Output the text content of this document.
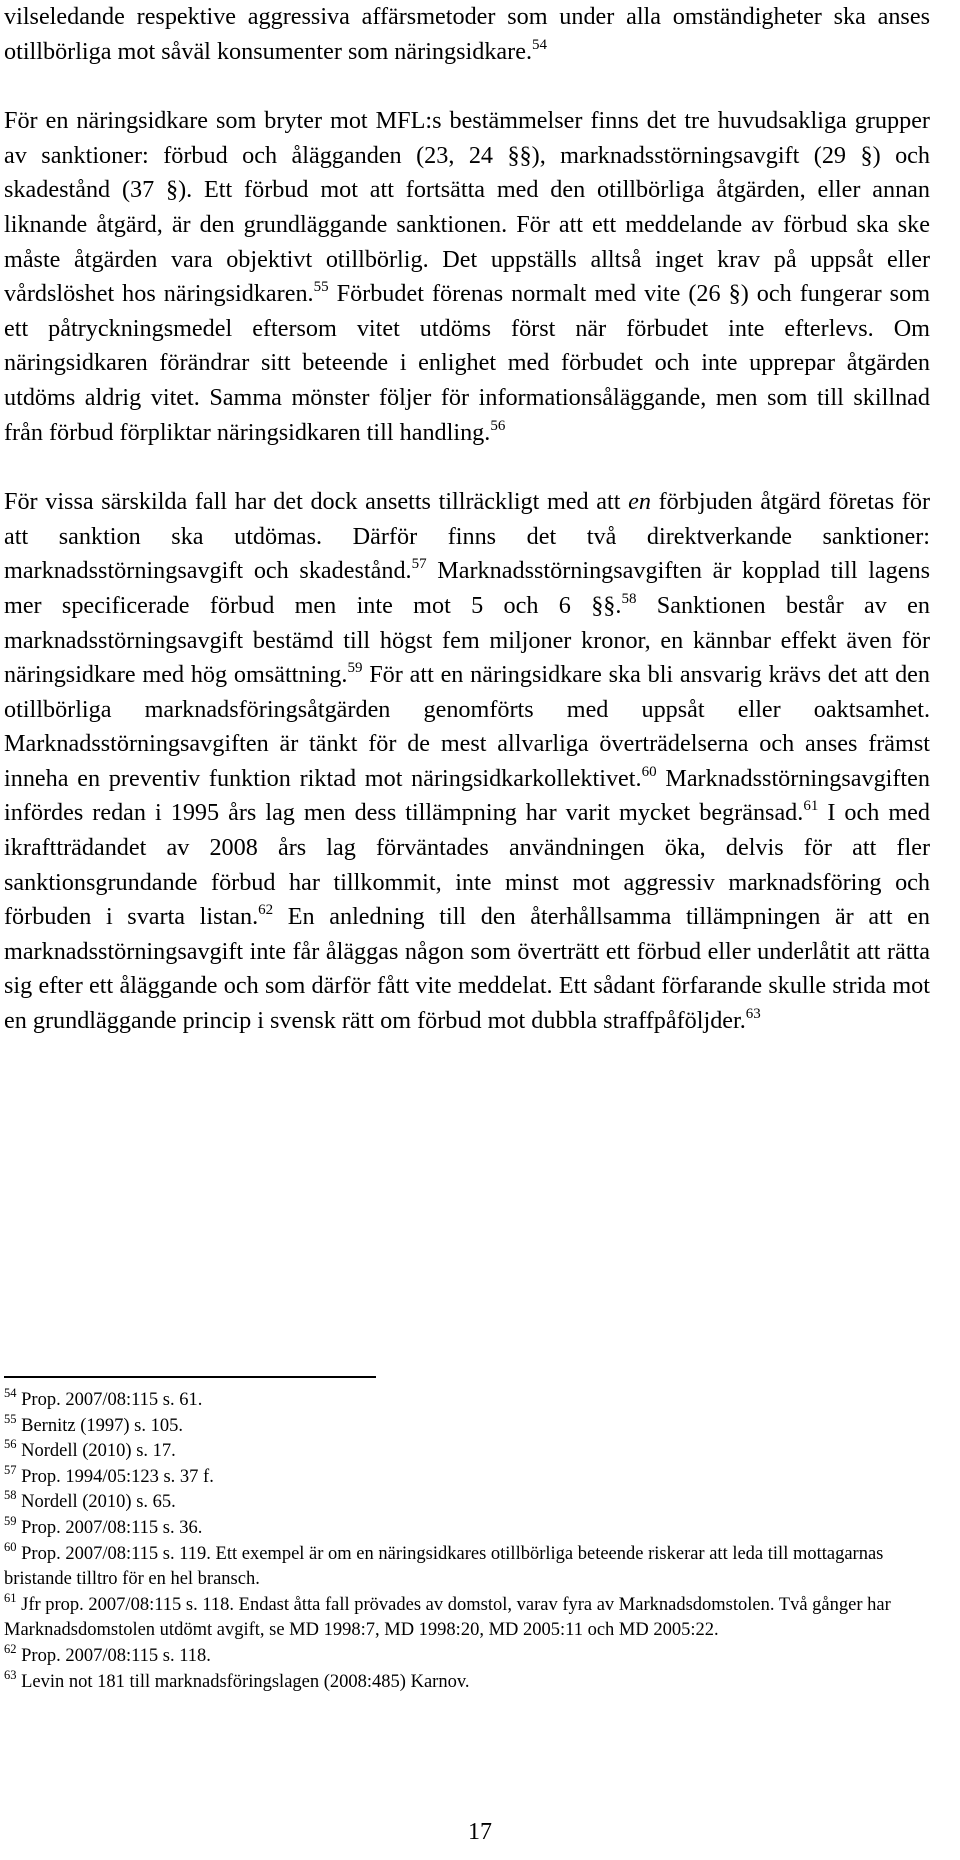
vilseledande respektive aggressiva affärsmetoder som under alla omständigheter ska anses otillbörliga mot såväl konsumenter som näringsidkare.$^{54}$

För en näringsidkare som bryter mot MFL:s bestämmelser finns det tre huvudsakliga grupper av sanktioner: förbud och ålägganden (23, 24 §§), marknadsstörningsavgift (29 §) och skadestånd (37 §). Ett förbud mot att fortsätta med den otillbörliga åtgärden, eller annan liknande åtgärd, är den grundläggande sanktionen. För att ett meddelande av förbud ska ske måste åtgärden vara objektivt otillbörlig. Det uppställs alltså inget krav på uppsåt eller vårdslöshet hos näringsidkaren.$^{55}$ Förbudet förenas normalt med vite (26 §) och fungerar som ett påtryckningsmedel eftersom vitet utdöms först när förbudet inte efterlevs. Om näringsidkaren förändrar sitt beteende i enlighet med förbudet och inte upprepar åtgärden utdöms aldrig vitet. Samma mönster följer för informationsåläggande, men som till skillnad från förbud förpliktar näringsidkaren till handling.$^{56}$

För vissa särskilda fall har det dock ansetts tillräckligt med att en förbjuden åtgärd företas för att sanktion ska utdömas. Därför finns det två direktverkande sanktioner: marknadsstörningsavgift och skadestånd.$^{57}$ Marknadsstörningsavgiften är kopplad till lagens mer specificerade förbud men inte mot 5 och 6 §§.$^{58}$ Sanktionen består av en marknadsstörningsavgift bestämd till högst fem miljoner kronor, en kännbar effekt även för näringsidkare med hög omsättning.$^{59}$ För att en näringsidkare ska bli ansvarig krävs det att den otillbörliga marknadsföringsåtgärden genomförts med uppsåt eller oaktsamhet. Marknadsstörningsavgiften är tänkt för de mest allvarliga överträdelserna och anses främst inneha en preventiv funktion riktad mot näringsidkarkollektivet.$^{60}$ Marknadsstörningsavgiften infördes redan i 1995 års lag men dess tillämpning har varit mycket begränsad.$^{61}$ I och med ikraftträdandet av 2008 års lag förväntades användningen öka, delvis för att fler sanktionsgrundande förbud har tillkommit, inte minst mot aggressiv marknadsföring och förbuden i svarta listan.$^{62}$ En anledning till den återhållsamma tillämpningen är att en marknadsstörningsavgift inte får åläggas någon som överträtt ett förbud eller underlåtit att rätta sig efter ett åläggande och som därför fått vite meddelat. Ett sådant förfarande skulle strida mot en grundläggande princip i svensk rätt om förbud mot dubbla straffpåföljder.$^{63}$

$^{54}$ Prop. 2007/08:115 s. 61.
$^{55}$ Bernitz (1997) s. 105.
$^{56}$ Nordell (2010) s. 17.
$^{57}$ Prop. 1994/05:123 s. 37 f.
$^{58}$ Nordell (2010) s. 65.
$^{59}$ Prop. 2007/08:115 s. 36.
$^{60}$ Prop. 2007/08:115 s. 119. Ett exempel är om en näringsidkares otillbörliga beteende riskerar att leda till mottagarnas bristande tilltro för en hel bransch.
$^{61}$ Jfr prop. 2007/08:115 s. 118. Endast åtta fall prövades av domstol, varav fyra av Marknadsdomstolen. Två gånger har Marknadsdomstolen utdömt avgift, se MD 1998:7, MD 1998:20, MD 2005:11 och MD 2005:22.
$^{62}$ Prop. 2007/08:115 s. 118.
$^{63}$ Levin not 181 till marknadsföringslagen (2008:485) Karnov.
17
